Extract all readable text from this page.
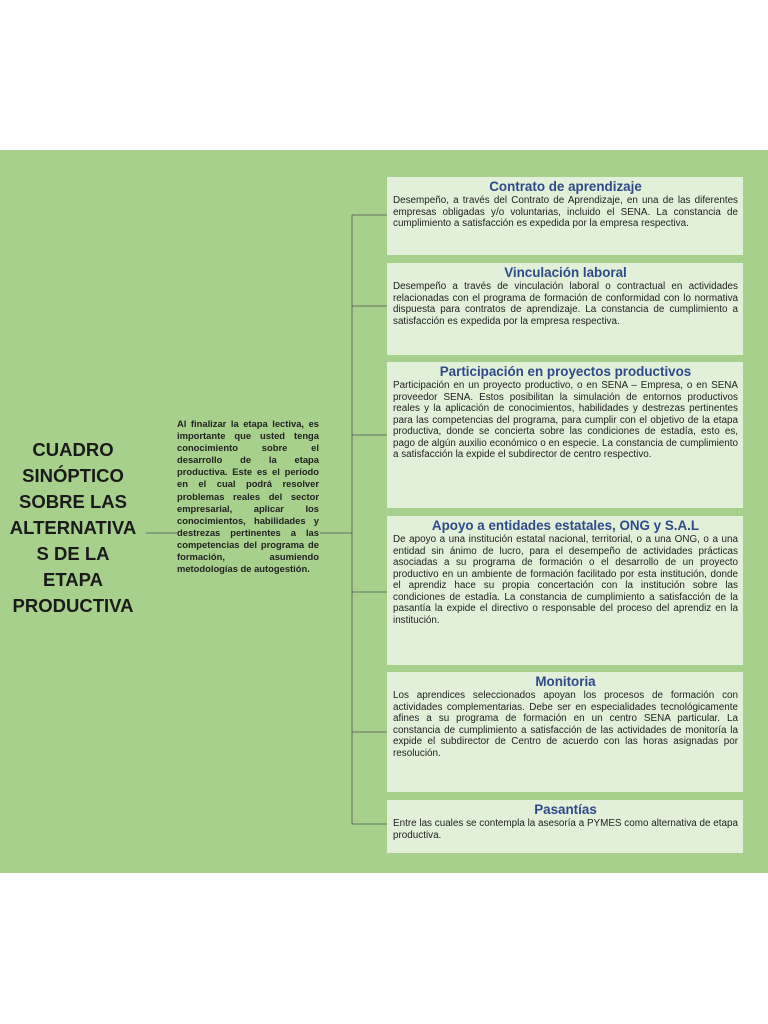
CUADRO
SINÓPTICO
SOBRE LAS
ALTERNATIVA
S DE LA
ETAPA
PRODUCTIVA
Al finalizar la etapa lectiva, es importante que usted tenga conocimiento sobre el desarrollo de la etapa productiva. Este es el periodo en el cual podrá resolver problemas reales del sector empresarial, aplicar los conocimientos, habilidades y destrezas pertinentes a las competencias del programa de formación, asumiendo metodologías de autogestión.
Contrato de aprendizaje

Desempeño, a través del Contrato de Aprendizaje, en una de las diferentes empresas obligadas y/o voluntarias, incluido el SENA. La constancia de cumplimiento a satisfacción es expedida por la empresa respectiva.

Vinculación laboral

Desempeño a través de vinculación laboral o contractual en actividades relacionadas con el programa de formación de conformidad con lo normativa dispuesta para contratos de aprendizaje. La constancia de cumplimiento a satisfacción es expedida por la empresa respectiva.

Participación en proyectos productivos

Participación en un proyecto productivo, o en SENA – Empresa, o en SENA proveedor SENA. Estos posibilitan la simulación de entornos productivos reales y la aplicación de conocimientos, habilidades y destrezas pertinentes para las competencias del programa, para cumplir con el objetivo de la etapa productiva, donde se concierta sobre las condiciones de estadía, esto es, pago de algún auxilio económico o en especie. La constancia de cumplimiento a satisfacción la expide el subdirector de centro respectivo.

Apoyo a entidades estatales, ONG y S.A.L

De apoyo a una institución estatal nacional, territorial, o a una ONG, o a una entidad sin ánimo de lucro, para el desempeño de actividades prácticas asociadas a su programa de formación o el desarrollo de un proyecto productivo en un ambiente de formación facilitado por esta institución, donde el aprendiz hace su propia concertación con la institución sobre las condiciones de estadía. La constancia de cumplimiento a satisfacción de la pasantía la expide el directivo o responsable del proceso del aprendiz en la institución.

Monitoria

Los aprendices seleccionados apoyan los procesos de formación con actividades complementarias. Debe ser en especialidades tecnológicamente afines a su programa de formación en un centro SENA particular. La constancia de cumplimiento a satisfacción de las actividades de monitoría la expide el subdirector de Centro de acuerdo con las horas asignadas por resolución.

Pasantías

Entre las cuales se contempla la asesoría a PYMES como alternativa de etapa productiva.
